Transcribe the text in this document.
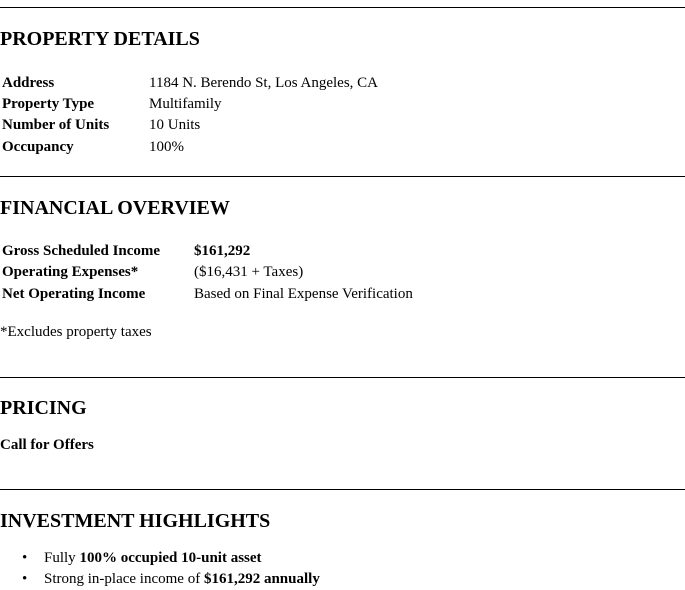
PROPERTY DETAILS
Address	1184 N. Berendo St, Los Angeles, CA
Property Type	Multifamily
Number of Units	10 Units
Occupancy	100%
FINANCIAL OVERVIEW
Gross Scheduled Income $161,292
Operating Expenses*	($16,431 + Taxes)
Net Operating Income	Based on Final Expense Verification
*Excludes property taxes
PRICING
Call for Offers
INVESTMENT HIGHLIGHTS
• Fully 100% occupied 10-unit asset
• Strong in-place income of $161,292 annually
